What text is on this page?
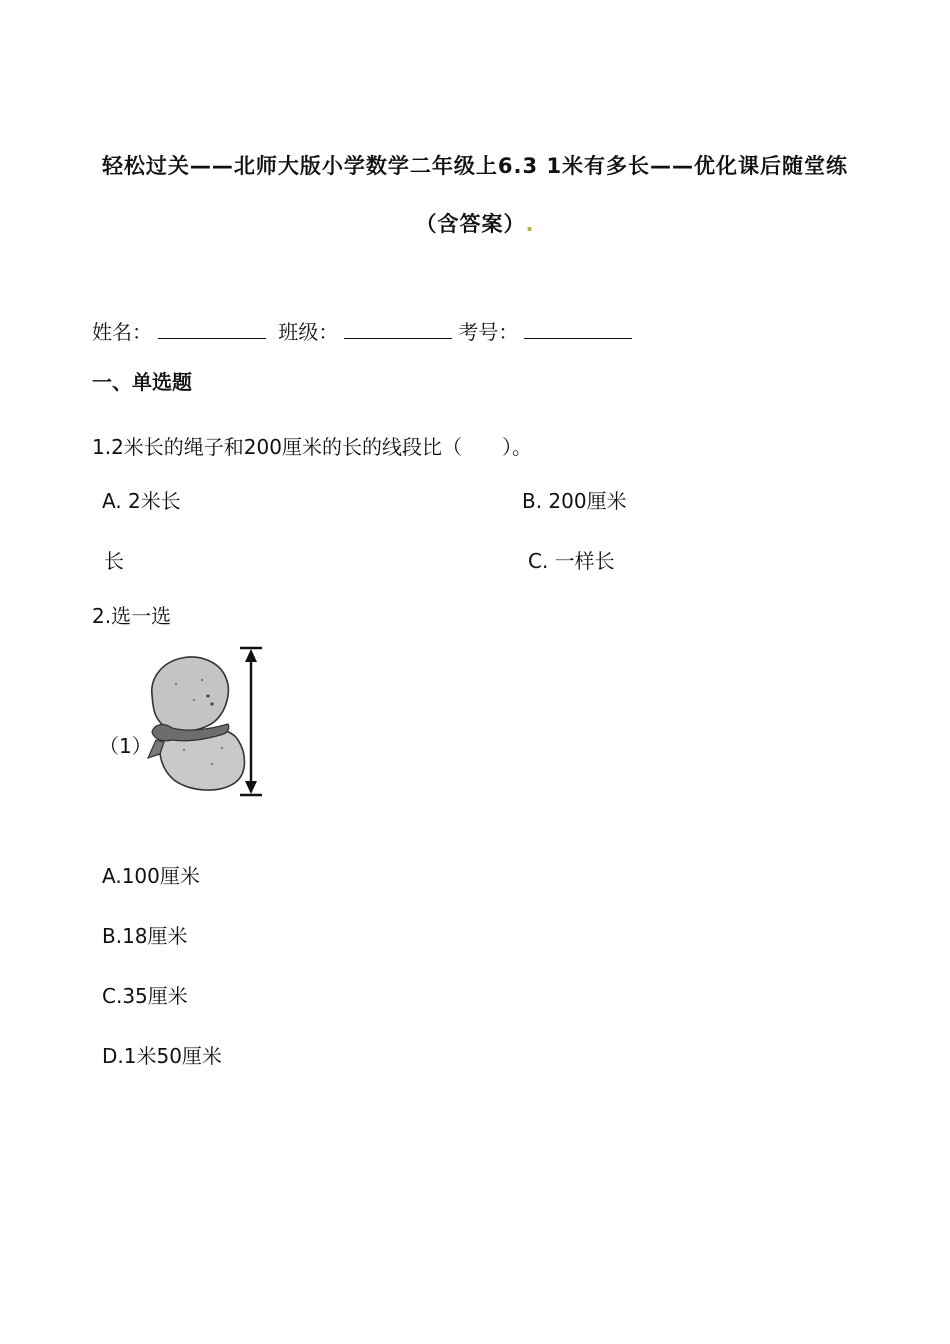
轻松过关——北师大版小学数学二年级上6.3 1米有多长——优化课后随堂练
（含答案）.
姓名：	班级：	考号：
一、单选题
1.2米长的绳子和200厘米的长的线段比（　　）。
A. 2米长	B. 200厘米
长	C. 一样长
2.选一选
（1）
A.100厘米
B.18厘米
C.35厘米
D.1米50厘米
